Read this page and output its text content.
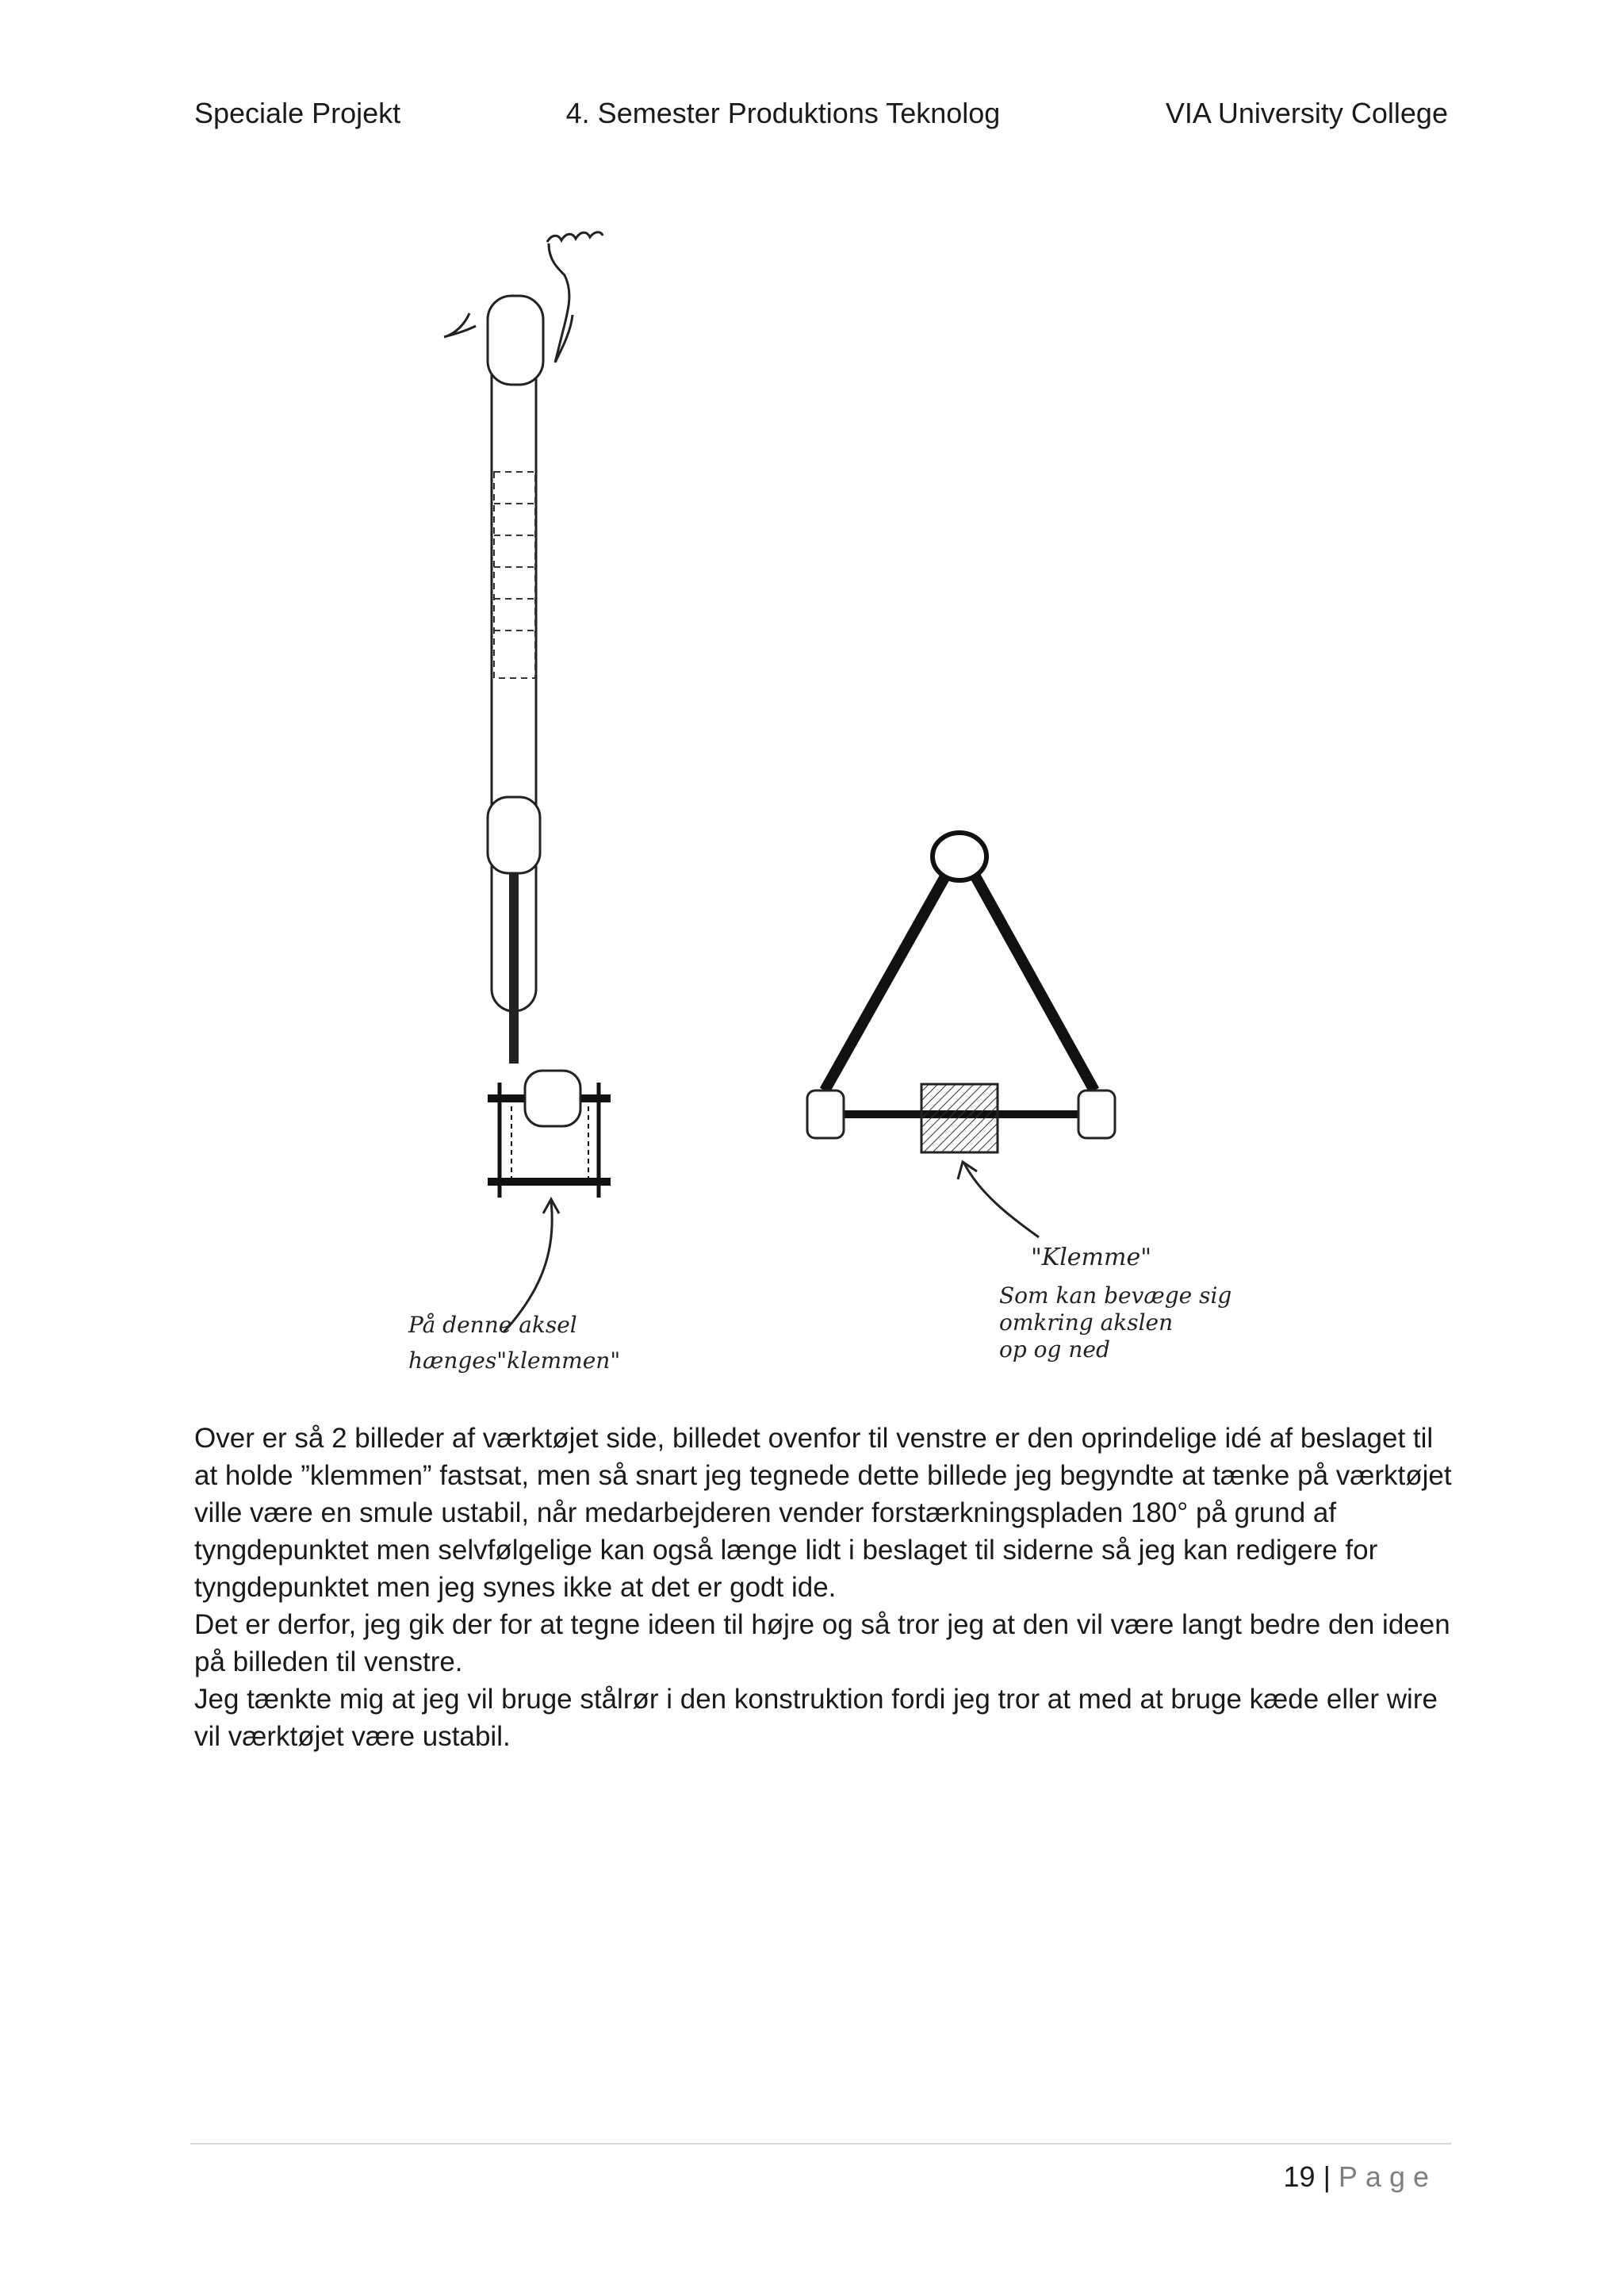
Speciale Projekt	4. Semester Produktions Teknolog	VIA University College
På denne aksel
hænges"klemmen"
"Klemme"
Som kan bevæge sig
omkring akslen
op og ned

Over er så 2 billeder af værktøjet side, billedet ovenfor til venstre er den oprindelige idé af beslaget til at holde ”klemmen” fastsat, men så snart jeg tegnede dette billede jeg begyndte at tænke på værktøjet ville være en smule ustabil, når medarbejderen vender forstærkningspladen 180° på grund af tyngdepunktet men selvfølgelige kan også længe lidt i beslaget til siderne så jeg kan redigere for tyngdepunktet men jeg synes ikke at det er godt ide.

Det er derfor, jeg gik der for at tegne ideen til højre og så tror jeg at den vil være langt bedre den ideen på billeden til venstre.

Jeg tænkte mig at jeg vil bruge stålrør i den konstruktion fordi jeg tror at med at bruge kæde eller wire vil værktøjet være ustabil.

19 | Page
